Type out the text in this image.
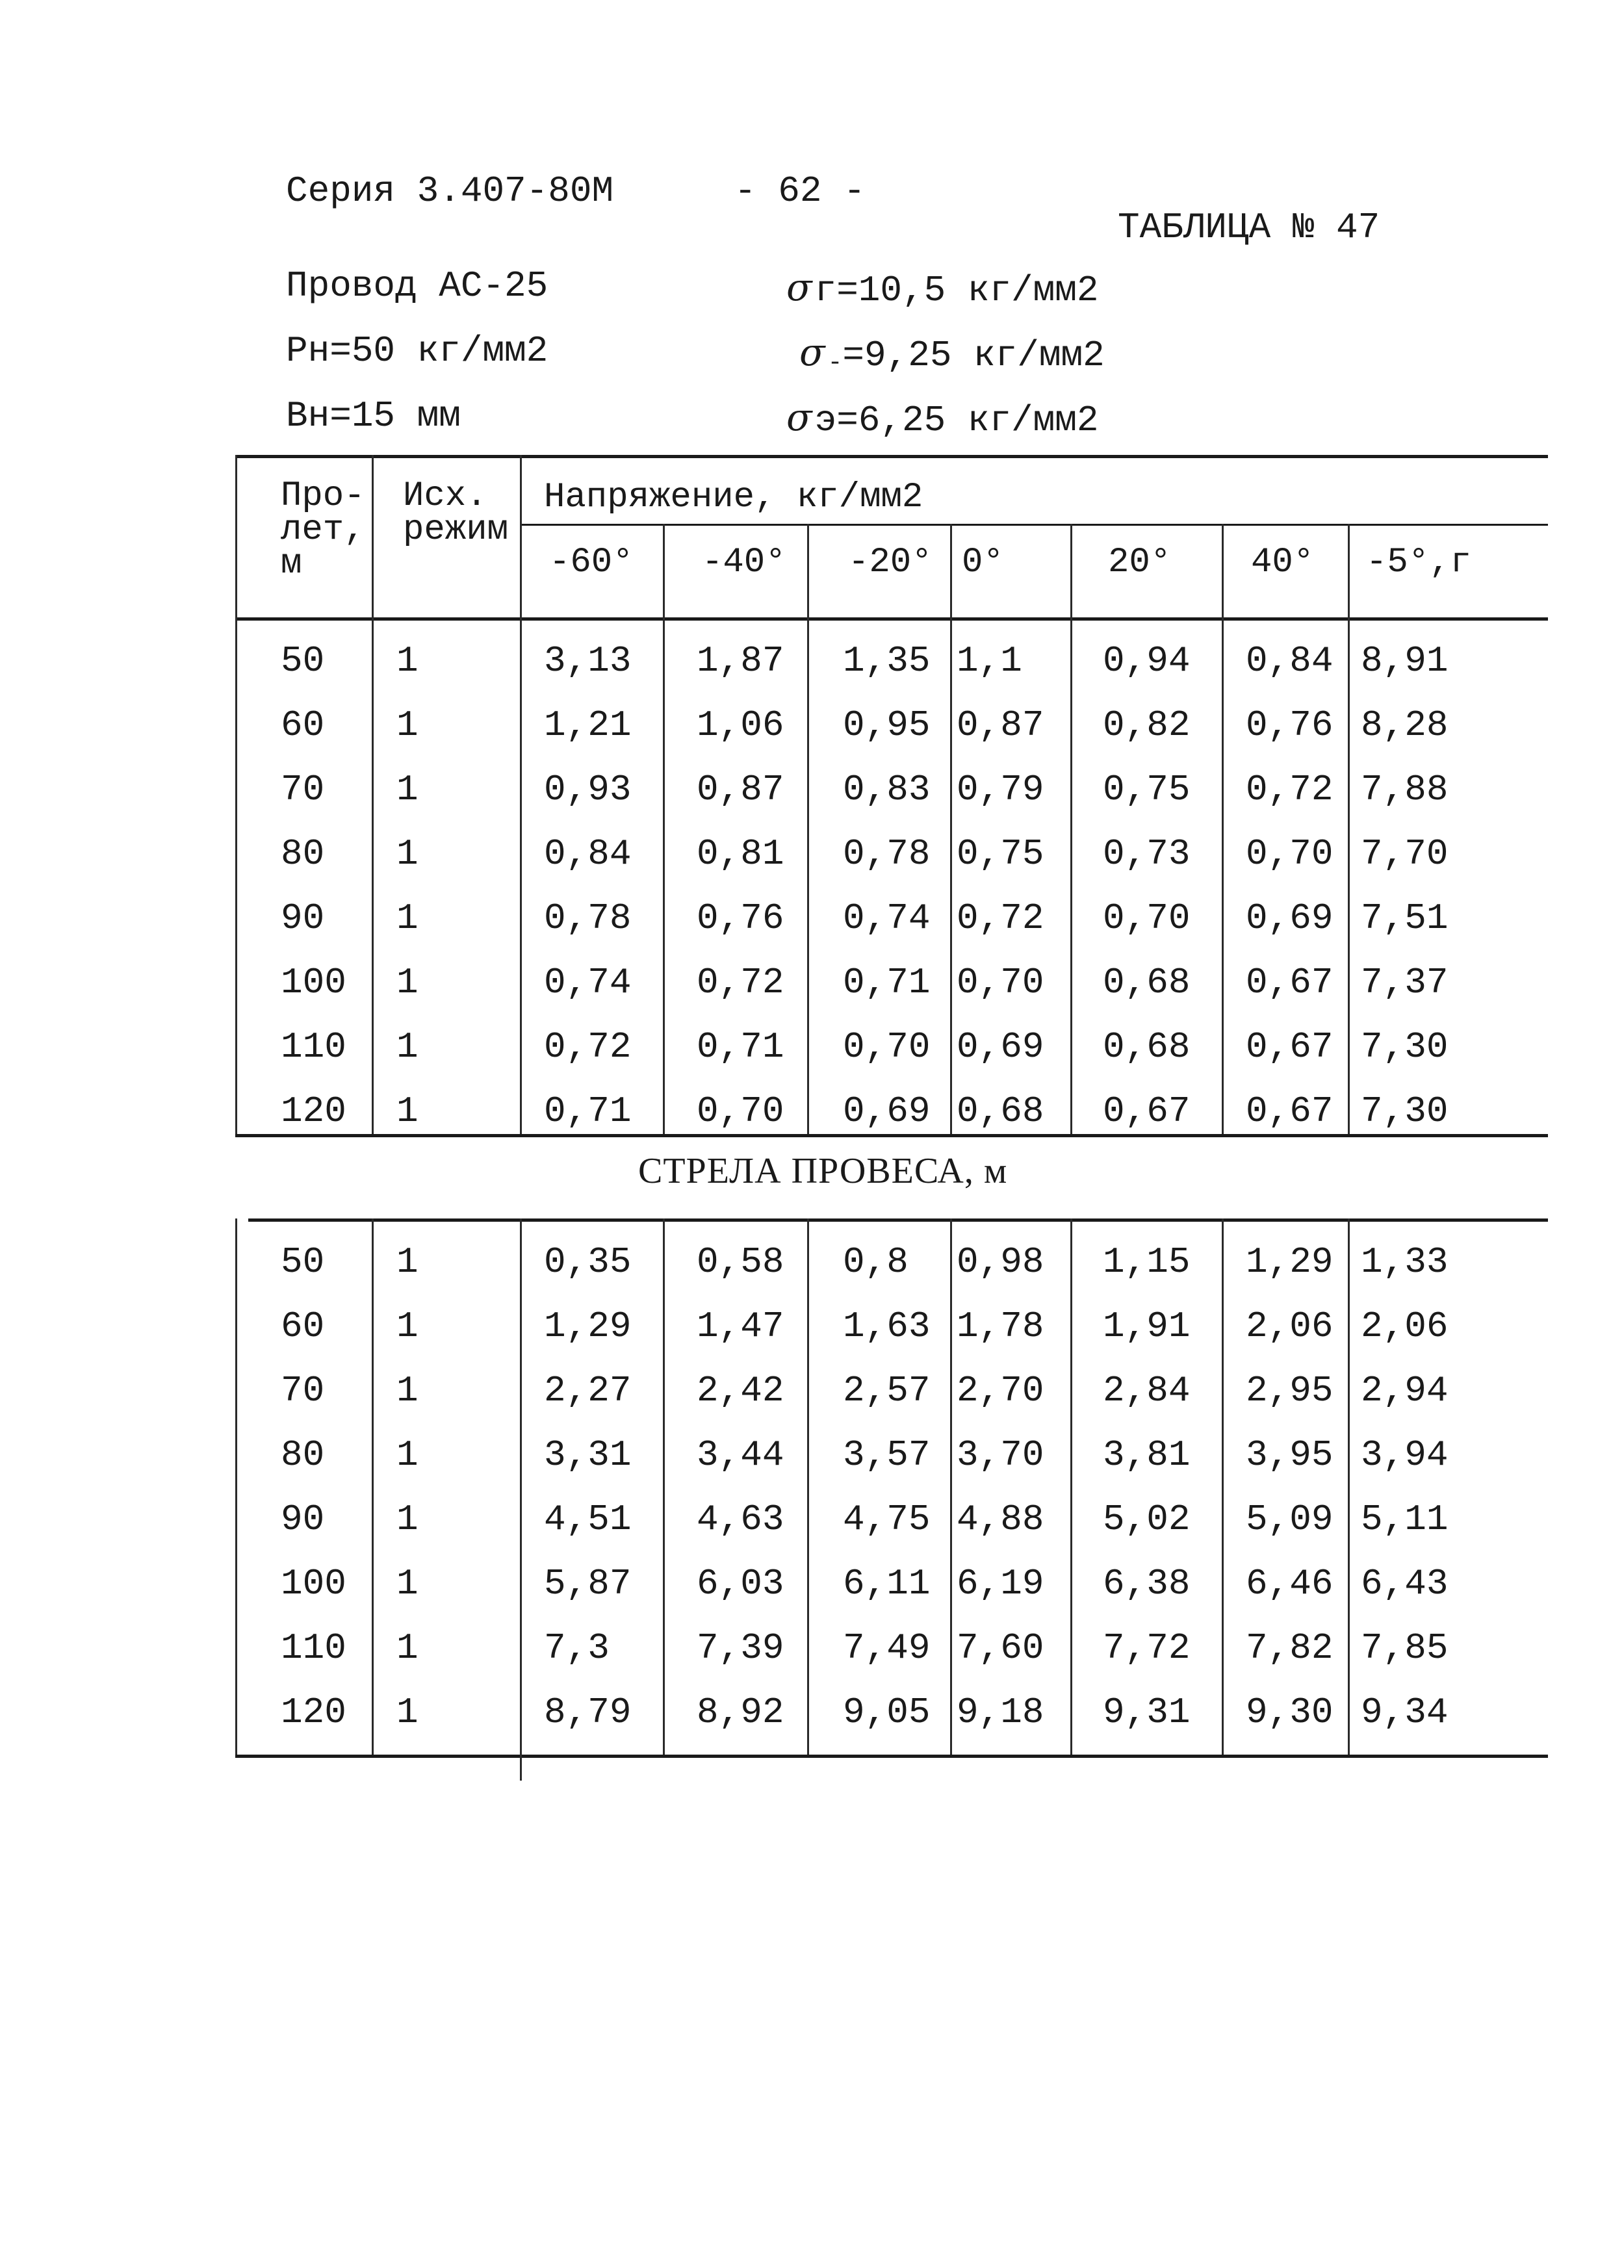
Серия 3.407-80М	- 62 -
ТАБЛИЦА № 47
Провод АС-25
Рн=50 кг/мм2
Вн=15 мм
σг=10,5 кг/мм2
σ -=9,25 кг/мм2
σэ=6,25 кг/мм2
Про-
лет,
м
Исх.
режим
Напряжение, кг/мм2
-60° -40° -20° 0°	20° 40° -5°,г
СТРЕЛА ПРОВЕСА, м
50 1	3,13 1,87 1,35 1,1 0,94 0,84 8,91
60 1	1,21 1,06 0,95 0,87 0,82 0,76 8,28
70 1	0,93 0,87 0,83 0,79 0,75 0,72 7,88
80 1	0,84 0,81 0,78 0,75 0,73 0,70 7,70
90 1	0,78 0,76 0,74 0,72 0,70 0,69 7,51
100 1	0,74 0,72 0,71 0,70 0,68 0,67 7,37
110 1	0,72 0,71 0,70 0,69 0,68 0,67 7,30
120 1	0,71 0,70 0,69 0,68 0,67 0,67 7,30
50 1	0,35 0,58 0,8 0,98 1,15 1,29 1,33
60 1	1,29 1,47 1,63 1,78 1,91 2,06 2,06
70 1	2,27 2,42 2,57 2,70 2,84 2,95 2,94
80 1	3,31 3,44 3,57 3,70 3,81 3,95 3,94
90 1	4,51 4,63 4,75 4,88 5,02 5,09 5,11
100 1	5,87 6,03 6,11 6,19 6,38 6,46 6,43
110 1	7,3 7,39 7,49 7,60 7,72 7,82 7,85
120 1	8,79 8,92 9,05 9,18 9,31 9,30 9,34
